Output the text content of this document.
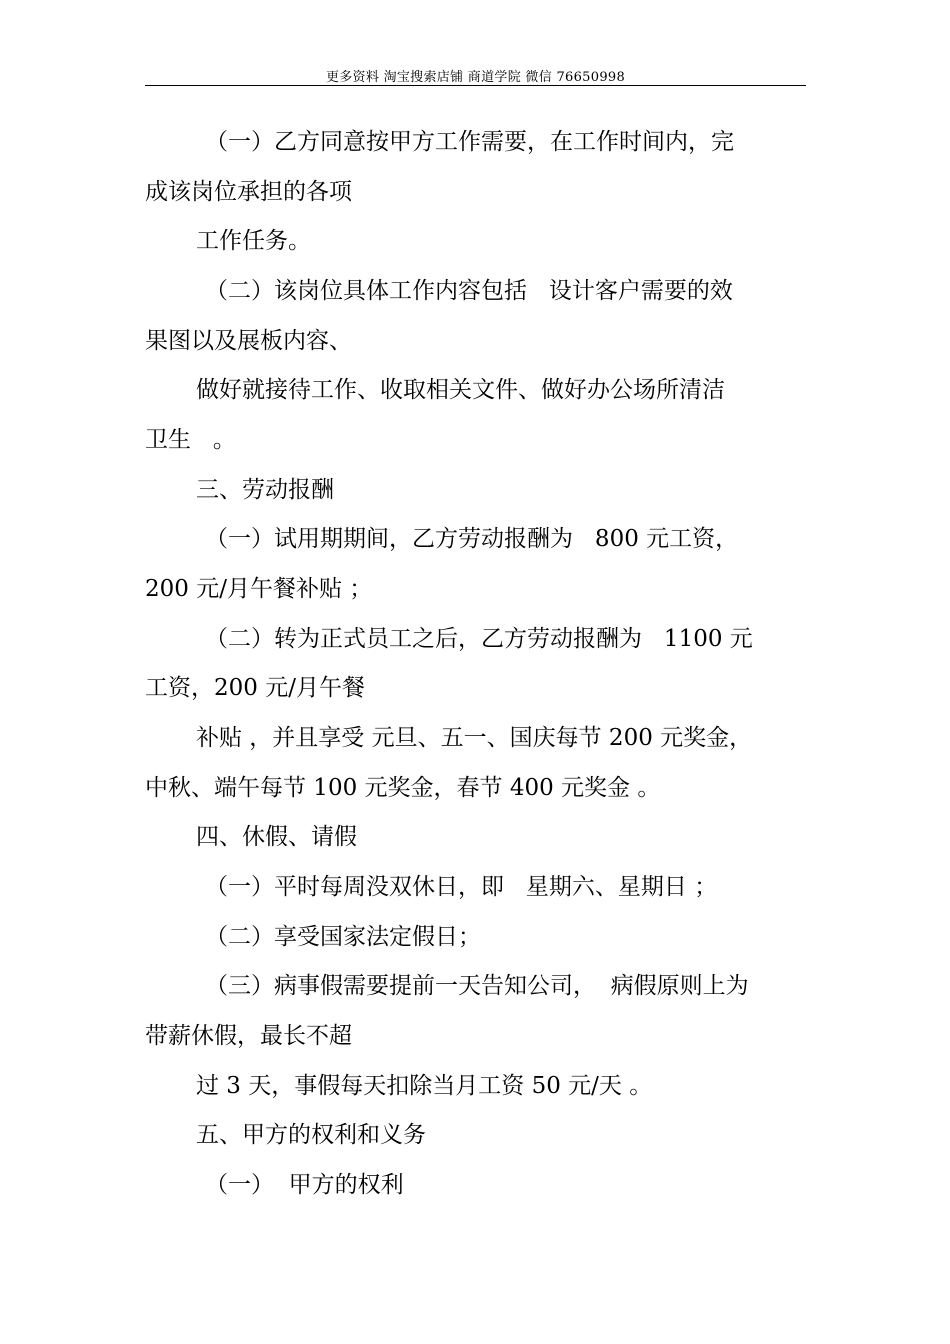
更多资料 淘宝搜索店铺 商道学院 微信 76650998
（一）乙方同意按甲方工作需要，在工作时间内，完
成该岗位承担的各项
工作任务。
（二）该岗位具体工作内容包括   设计客户需要的效
果图以及展板内容、
做好就接待工作、收取相关文件、做好办公场所清洁
卫生   。
三、劳动报酬
（一）试用期期间，乙方劳动报酬为   800 元工资，
200 元/月午餐补贴 ；
（二）转为正式员工之后，乙方劳动报酬为   1100 元
工资，200 元/月午餐
补贴 ，并且享受 元旦、五一、国庆每节 200 元奖金，
中秋、端午每节 100 元奖金，春节 400 元奖金 。
四、休假、请假
（一）平时每周没双休日，即   星期六、星期日 ；
（二）享受国家法定假日；
（三）病事假需要提前一天告知公司，  病假原则上为
带薪休假，最长不超
过 3 天，事假每天扣除当月工资 50 元/天 。
五、甲方的权利和义务
（一）  甲方的权利
